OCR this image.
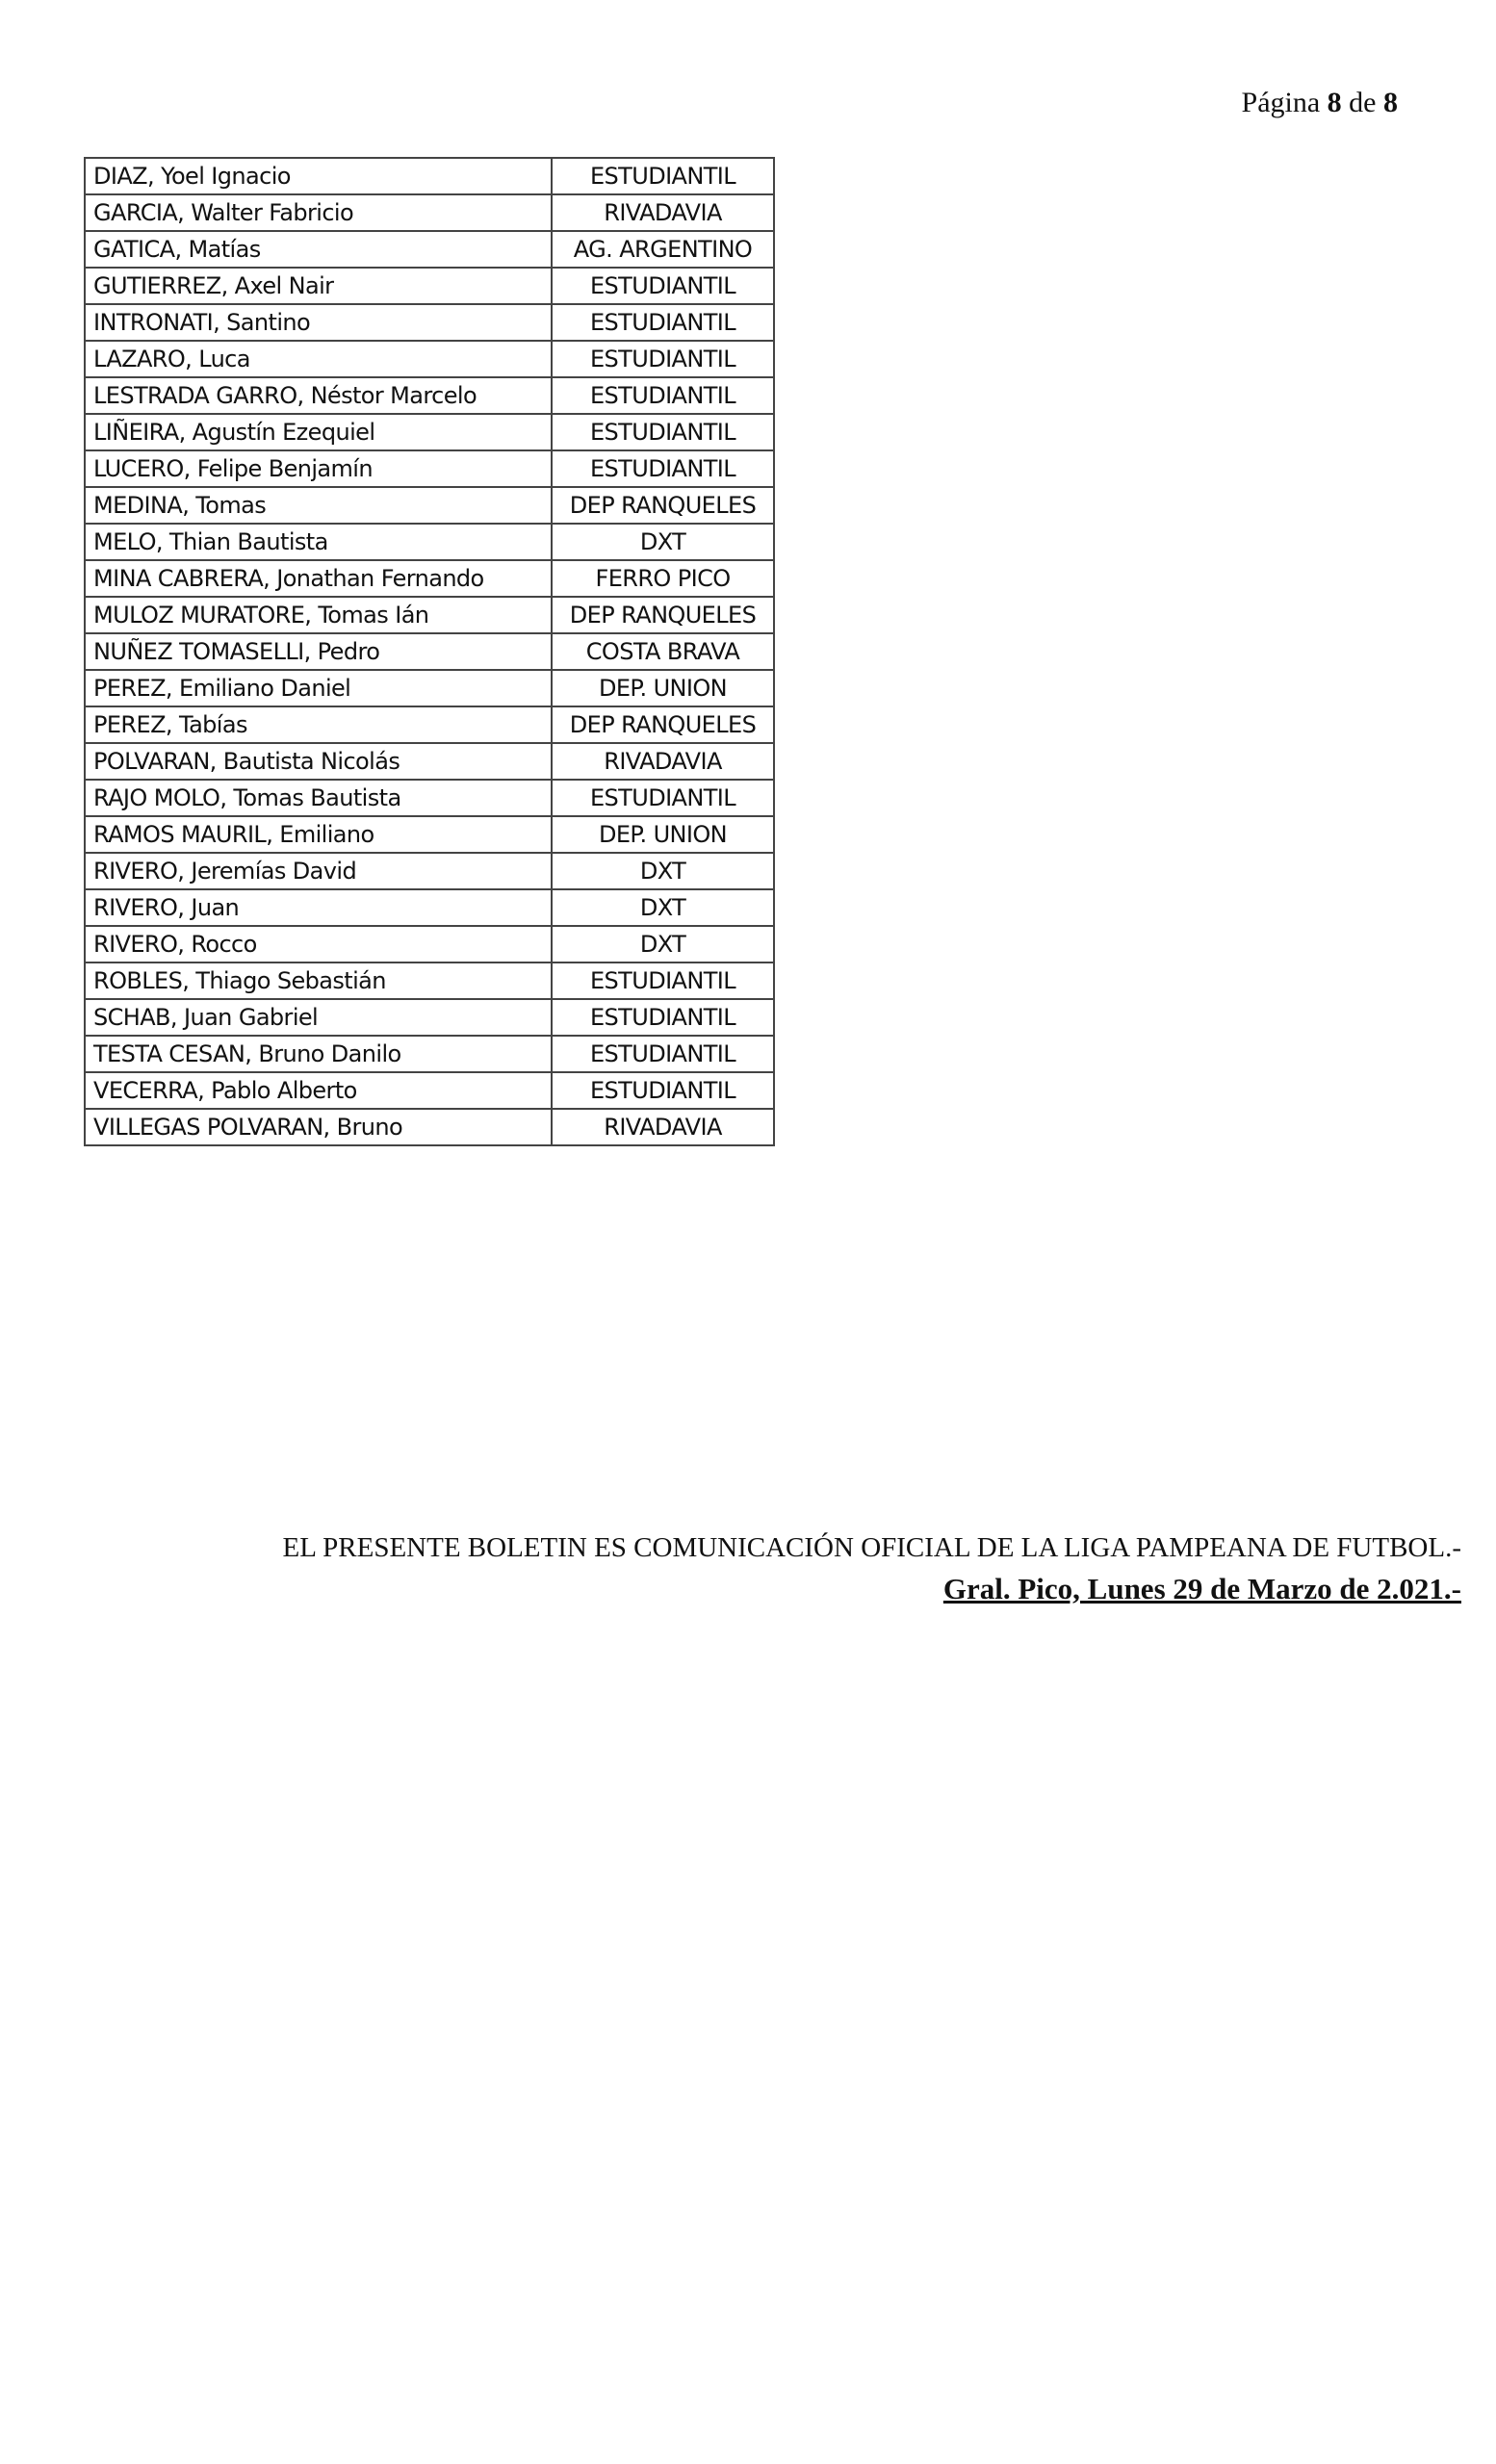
Página 8 de 8
DIAZ, Yoel Ignacio	ESTUDIANTIL
GARCIA, Walter Fabricio	RIVADAVIA
GATICA, Matías	AG. ARGENTINO
GUTIERREZ, Axel Nair	ESTUDIANTIL
INTRONATI, Santino	ESTUDIANTIL
LAZARO, Luca	ESTUDIANTIL
LESTRADA GARRO, Néstor Marcelo	ESTUDIANTIL
LIÑEIRA, Agustín Ezequiel	ESTUDIANTIL
LUCERO, Felipe Benjamín	ESTUDIANTIL
MEDINA, Tomas	DEP RANQUELES
MELO, Thian Bautista	DXT
MINA CABRERA, Jonathan Fernando	FERRO PICO
MULOZ MURATORE, Tomas Ián	DEP RANQUELES
NUÑEZ TOMASELLI, Pedro	COSTA BRAVA
PEREZ, Emiliano Daniel	DEP. UNION
PEREZ, Tabías	DEP RANQUELES
POLVARAN, Bautista Nicolás	RIVADAVIA
RAJO MOLO, Tomas Bautista	ESTUDIANTIL
RAMOS MAURIL, Emiliano	DEP. UNION
RIVERO, Jeremías David	DXT
RIVERO, Juan	DXT
RIVERO, Rocco	DXT
ROBLES, Thiago Sebastián	ESTUDIANTIL
SCHAB, Juan Gabriel	ESTUDIANTIL
TESTA CESAN, Bruno Danilo	ESTUDIANTIL
VECERRA, Pablo Alberto	ESTUDIANTIL
VILLEGAS POLVARAN, Bruno	RIVADAVIA
EL PRESENTE BOLETIN ES COMUNICACIÓN OFICIAL DE LA LIGA PAMPEANA DE FUTBOL.-
Gral. Pico, Lunes 29 de Marzo de 2.021.-
